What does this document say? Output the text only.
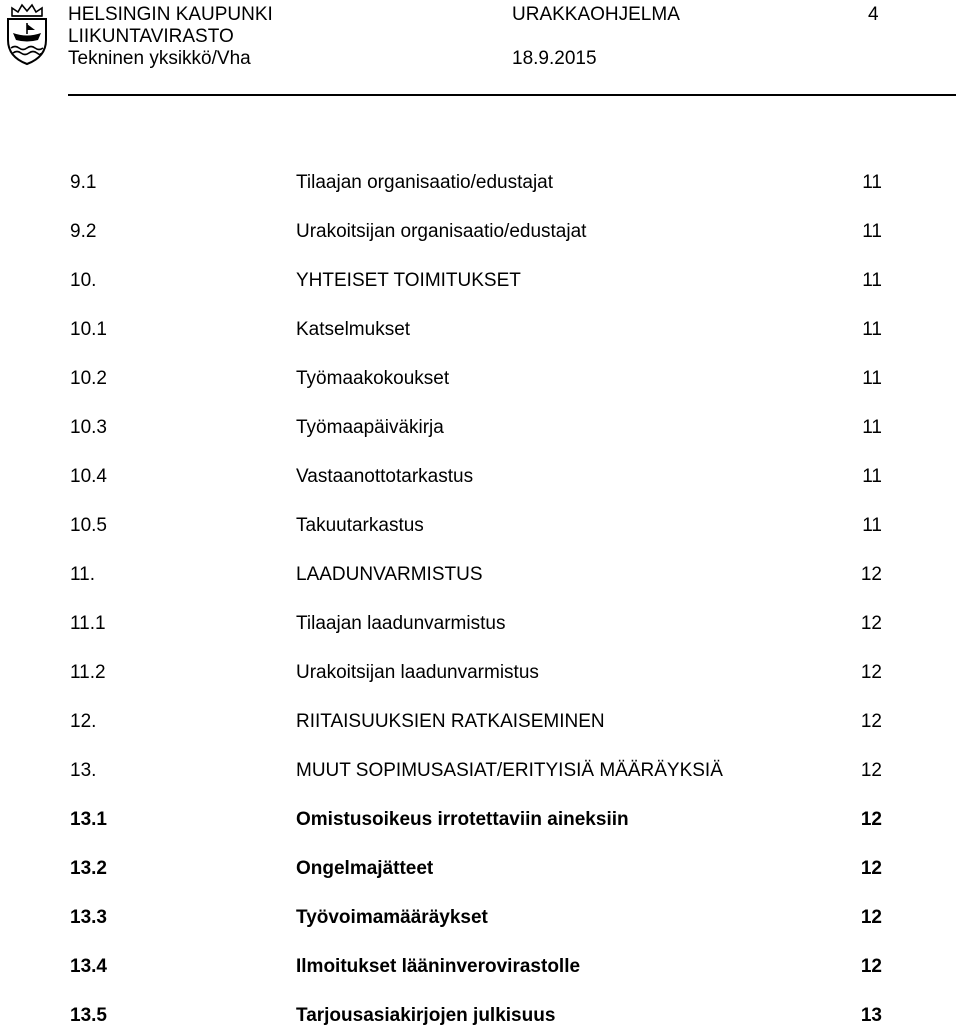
HELSINGIN KAUPUNKI
LIIKUNTAVIRASTO
Tekninen yksikkö/Vha
URAKKAOHJELMA
18.9.2015
4
9.1	Tilaajan organisaatio/edustajat	11
9.2	Urakoitsijan organisaatio/edustajat	11
10.	YHTEISET TOIMITUKSET	11
10.1	Katselmukset	11
10.2	Työmaakokoukset	11
10.3	Työmaapäiväkirja	11
10.4	Vastaanottotarkastus	11
10.5	Takuutarkastus	11
11.	LAADUNVARMISTUS	12
11.1	Tilaajan laadunvarmistus	12
11.2	Urakoitsijan laadunvarmistus	12
12.	RIITAISUUKSIEN RATKAISEMINEN	12
13.	MUUT SOPIMUSASIAT/ERITYISIÄ MÄÄRÄYKSIÄ	12
13.1	Omistusoikeus irrotettaviin aineksiin	12
13.2	Ongelmajätteet	12
13.3	Työvoimamääräykset	12
13.4	Ilmoitukset lääninverovirastolle	12
13.5	Tarjousasiakirjojen julkisuus	13
